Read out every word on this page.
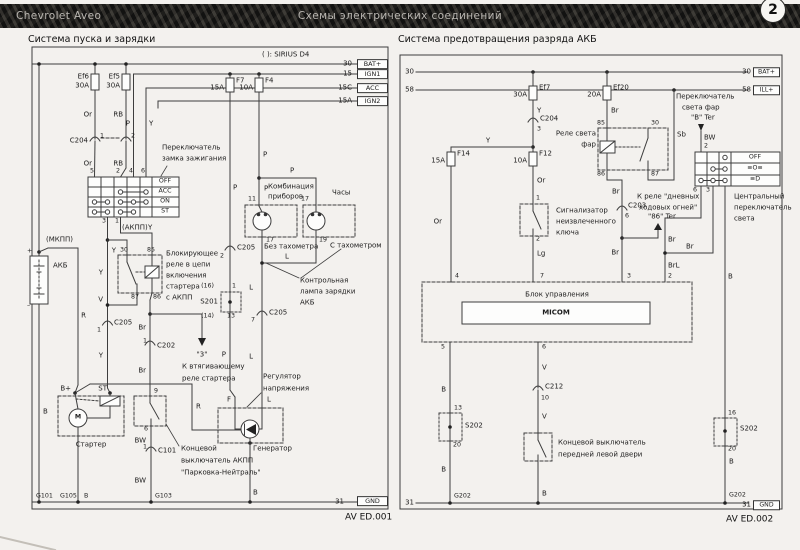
Chevrolet Aveo	Схемы электрических соединений	2
Система пуска и зарядки
( ): SIRIUS D4
30	BAT+
15	IGN1
15C	ACC
15A	IGN2
Ef6
30A
Ef5
30A
Or	RB
C204
1	2
Or	RB
P	Y
Переключатель
замка зажигания
5	2 4 6
OFF
ACC
ON
ST
3 1
(МКПП)
(АКПП) Y
Y 30	85
87 86
Блокирующее
реле в цепи
включения
стартера
с АКПП
+
АКБ
–
R
Y
V
C205
1
Y
2
C205
S201
(16)	1
(14) 13
P
P
P
P
P
F7
15A
F4
10A
11	17
Комбинация
приборов	Часы
17	19
L
Без тахометра С тахометром
Контрольная
лампа зарядки
АКБ
L
7
C205
L
F	L
Регулятор
напряжения
Генератор
B+	ST
M
Стартер
9
6
BW
C101
1
BW
Концевой
выключатель АКПП
"Парковка-Нейтраль"
Br
C202
1
Br
"3"
К втягивающему
реле стартера
R
G101 G105 B
B
G103	B
31	GND
AV ED.001
Система предотвращения разряда АКБ
30
58
30	BAT+
58	ILL+
Ef7
30A
Y
C204
3
Y
F14
15A
Or
F12
10A
Or
1
2
Сигнализатор
неизвлеченного
ключа
Lg
Ef20
20A
Br
Реле света
фар
85	30
86	87
Sb
Br
C203
6
Br
3
К реле "дневных
ходовых огней"
"86" Ter
Переключатель
света фар
"B" Ter
BW
2
OFF
≡O≡
≡D
6 3
Центральный
переключатель
света
Br
Br
BrL
2	B
Блок управления
MICOM
4	7
5	6
B
13
S202
20
B
G202
V
C212
10
V
Концевой выключатель
передней левой двери
B
16
S202
20
B
G202
31	31	GND
AV ED.002
